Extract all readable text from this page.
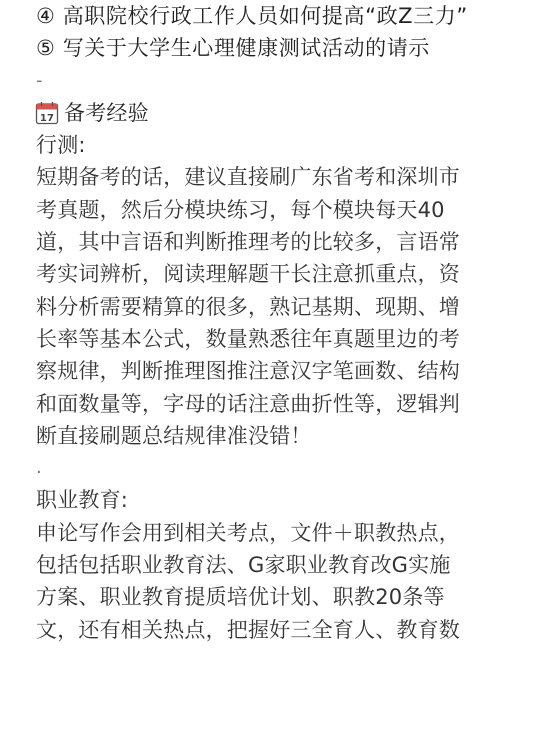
④ 高职院校行政工作人员如何提高“政Z三力”
⑤ 写关于大学生心理健康测试活动的请示
-
17 备考经验
行测:
短期备考的话，建议直接刷广东省考和深圳市
考真题，然后分模块练习，每个模块每天40
道，其中言语和判断推理考的比较多，言语常
考实词辨析，阅读理解题干长注意抓重点，资
料分析需要精算的很多，熟记基期、现期、增
长率等基本公式，数量熟悉往年真题里边的考
察规律，判断推理图推注意汉字笔画数、结构
和面数量等，字母的话注意曲折性等，逻辑判
断直接刷题总结规律准没错！
.
职业教育:
申论写作会用到相关考点，文件＋职教热点，
包括包括职业教育法、G家职业教育改G实施
方案、职业教育提质培优计划、职教20条等
文，还有相关热点，把握好三全育人、教育数
